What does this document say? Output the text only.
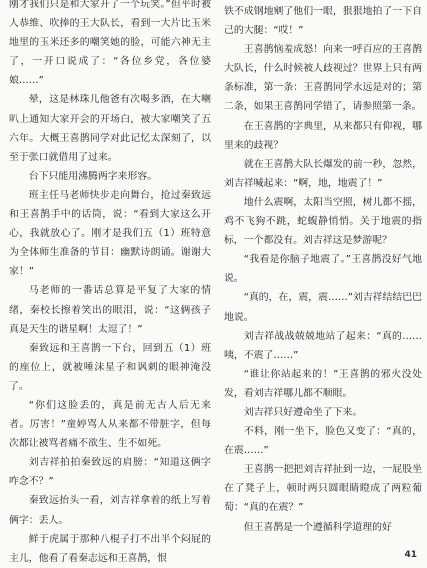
刚才我们只是和大家开了一个玩笑。”但平时被人恭维、吹捧的王大队长，看到一大片比玉米地里的玉米还多的嘲笑她的脸，可能六神无主了，一开口说成了：“各位乡党，各位婆娘……”

晕，这是林珠儿他爸有次喝多酒，在大喇叭上通知大家开会的开场白，被大家嘲笑了五六年。大概王喜鹊同学对此记忆太深刻了，以至于张口就借用了过来。

台下只能用沸腾两字来形容。

班主任马老师快步走向舞台，抢过秦致远和王喜鹊手中的话筒，说：“看到大家这么开心，我就放心了。刚才是我们五（1）班特意为全体师生准备的节目：幽默诗朗诵。谢谢大家！”

马老师的一番话总算是平复了大家的情绪，秦校长擦着笑出的眼泪，说：“这俩孩子真是天生的谐星啊！太逗了！”

秦致远和王喜鹊一下台，回到五（1）班的座位上，就被唾沫星子和讽刺的眼神淹没了。

“你们这脸丢的，真是前无古人后无来者。厉害！”童婷骂人从来都不带脏字，但每次都让被骂者痛不欲生、生不如死。

刘吉祥拍拍秦致远的肩膀：“知道这俩字咋念不？”

秦致远抬头一看，刘吉祥拿着的纸上写着俩字：丢人。

鲜于虎属于那种八棍子打不出半个闷屁的主儿，他看了看秦志远和王喜鹊，恨

铁不成钢地剜了他们一眼，狠狠地拍了一下自己的大腿：“哎！”

王喜鹊恼羞成怒！向来一呼百应的王喜鹊大队长，什么时候被人歧视过？世界上只有两条标准，第一条：王喜鹊同学永远是对的；第二条，如果王喜鹊同学错了，请参照第一条。

在王喜鹊的字典里，从来都只有仰视，哪里来的歧视？

就在王喜鹊大队长爆发的前一秒，忽然，刘吉祥喊起来：“啊，地，地震了！”

地什么震啊，太阳当空照，树儿都不摇，鸡不飞狗不跳，蛇蝮静悄悄。关于地震的指标，一个都没有。刘吉祥这是梦游呢？

“我看是你脑子地震了。”王喜鹊没好气地说。

“真的，在，震，震……”刘吉祥结结巴巴地说。

刘吉祥战战兢兢地站了起来：“真的……咦，不震了……”

“谁让你站起来的！”王喜鹊的邪火没处发，看刘吉祥哪儿都不顺眼。

刘吉祥只好遵命坐了下来。

不料，刚一坐下，脸色又变了：“真的，在震……”

王喜鹊一把把刘吉祥扯到一边，一屁股坐在了凳子上，顿时两只圆眼睛瞪成了两粒葡萄：“真的在震？”

但王喜鹊是一个遵循科学道理的好

41
